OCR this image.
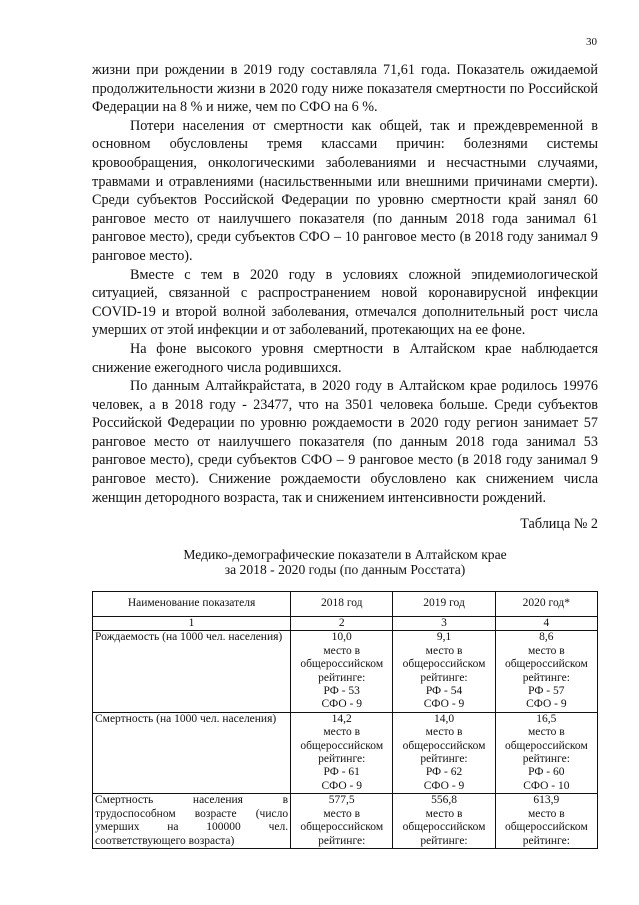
30

жизни при рождении в 2019 году составляла 71,61 года. Показатель ожидаемой продолжительности жизни в 2020 году ниже показателя смертности по Российской Федерации на 8 % и ниже, чем по СФО на 6 %.

Потери населения от смертности как общей, так и преждевременной в основном обусловлены тремя классами причин: болезнями системы кровообращения, онкологическими заболеваниями и несчастными случаями, травмами и отравлениями (насильственными или внешними причинами смерти). Среди субъектов Российской Федерации по уровню смертности край занял 60 ранговое место от наилучшего показателя (по данным 2018 года занимал 61 ранговое место), среди субъектов СФО – 10 ранговое место (в 2018 году занимал 9 ранговое место).

Вместе с тем в 2020 году в условиях сложной эпидемиологической ситуацией, связанной с распространением новой коронавирусной инфекции COVID-19 и второй волной заболевания, отмечался дополнительный рост числа умерших от этой инфекции и от заболеваний, протекающих на ее фоне.

На фоне высокого уровня смертности в Алтайском крае наблюдается снижение ежегодного числа родившихся.

По данным Алтайкрайстата, в 2020 году в Алтайском крае родилось 19976 человек, а в 2018 году - 23477, что на 3501 человека больше. Среди субъектов Российской Федерации по уровню рождаемости в 2020 году регион занимает 57 ранговое место от наилучшего показателя (по данным 2018 года занимал 53 ранговое место), среди субъектов СФО – 9 ранговое место (в 2018 году занимал 9 ранговое место). Снижение рождаемости обусловлено как снижением числа женщин детородного возраста, так и снижением интенсивности рождений.

Таблица № 2
Медико-демографические показатели в Алтайском крае
за 2018 - 2020 годы (по данным Росстата)
Наименование показателя	2018 год	2019 год	2020 год*
1	2	3	4
Рождаемость (на 1000 чел. населения)	10,0
место в общероссийском рейтинге:
РФ - 53
СФО - 9	9,1
место в общероссийском рейтинге:
РФ - 54
СФО - 9	8,6
место в общероссийском рейтинге:
РФ - 57
СФО - 9

Смертность (на 1000 чел. населения)	14,2
место в общероссийском рейтинге:
РФ - 61
СФО - 9	14,0
место в общероссийском рейтинге:
РФ - 62
СФО - 9	16,5
место в общероссийском рейтинге:
РФ - 60
СФО - 10

Смертность населения в трудоспособном возрасте (число умерших на 100000 чел. соответствующего возраста)	577,5
место в общероссийском рейтинге:	556,8
место в общероссийском рейтинге:	613,9
место в общероссийском рейтинге:
